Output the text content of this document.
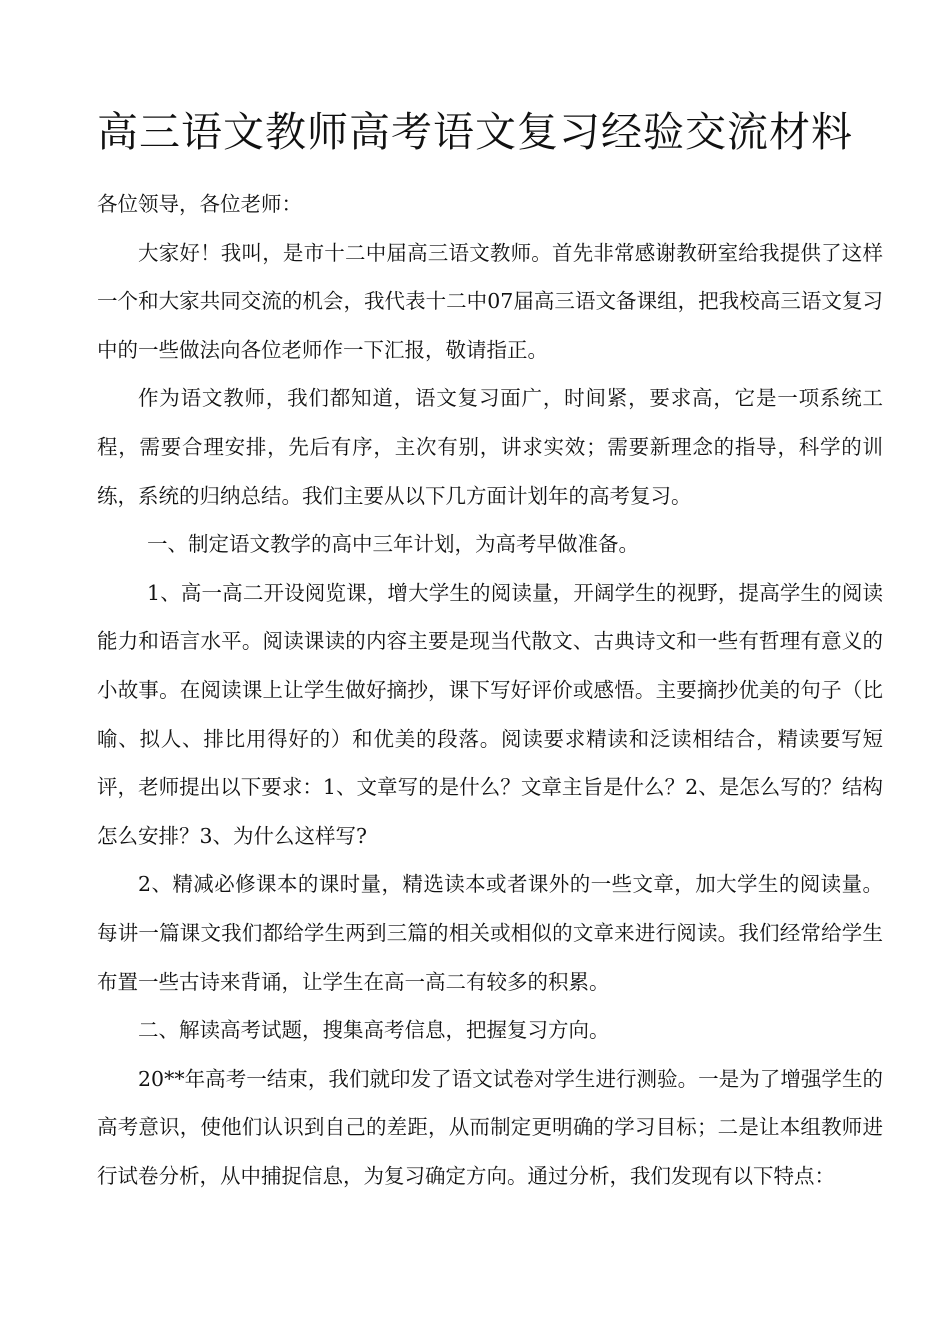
高三语文教师高考语文复习经验交流材料

各位领导，各位老师：

大家好！我叫，是市十二中届高三语文教师。首先非常感谢教研室给我提供了这样一个和大家共同交流的机会，我代表十二中07届高三语文备课组，把我校高三语文复习中的一些做法向各位老师作一下汇报，敬请指正。

作为语文教师，我们都知道，语文复习面广，时间紧，要求高，它是一项系统工程，需要合理安排，先后有序，主次有别，讲求实效；需要新理念的指导，科学的训练，系统的归纳总结。我们主要从以下几方面计划年的高考复习。

一、制定语文教学的高中三年计划，为高考早做准备。

1、高一高二开设阅览课，增大学生的阅读量，开阔学生的视野，提高学生的阅读能力和语言水平。阅读课读的内容主要是现当代散文、古典诗文和一些有哲理有意义的小故事。在阅读课上让学生做好摘抄，课下写好评价或感悟。主要摘抄优美的句子（比喻、拟人、排比用得好的）和优美的段落。阅读要求精读和泛读相结合，精读要写短评，老师提出以下要求：1、文章写的是什么？文章主旨是什么？2、是怎么写的？结构怎么安排？3、为什么这样写?

2、精减必修课本的课时量，精选读本或者课外的一些文章，加大学生的阅读量。每讲一篇课文我们都给学生两到三篇的相关或相似的文章来进行阅读。我们经常给学生布置一些古诗来背诵，让学生在高一高二有较多的积累。

二、解读高考试题，搜集高考信息，把握复习方向。

20**年高考一结束，我们就印发了语文试卷对学生进行测验。一是为了增强学生的高考意识，使他们认识到自己的差距，从而制定更明确的学习目标；二是让本组教师进行试卷分析，从中捕捉信息，为复习确定方向。通过分析，我们发现有以下特点：
